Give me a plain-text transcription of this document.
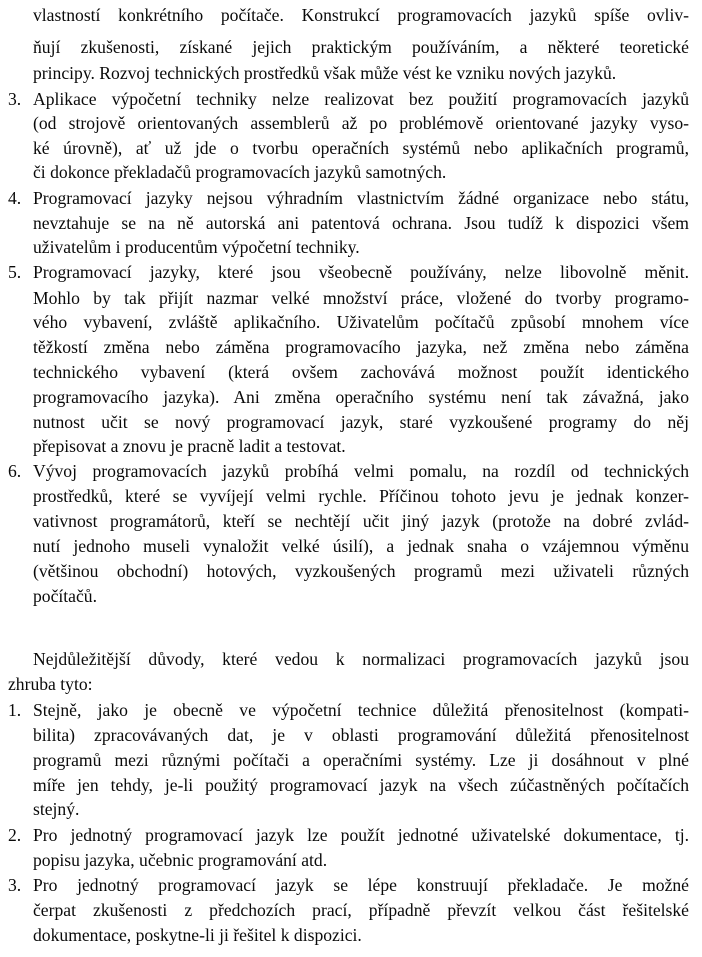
vlastností konkrétního počítače. Konstrukcí programovacích jazyků spíše ovliv-
ňují zkušenosti, získané jejich praktickým používáním, a některé teoretické
principy. Rozvoj technických prostředků však může vést ke vzniku nových jazyků.
3. Aplikace výpočetní techniky nelze realizovat bez použití programovacích jazyků
(od strojově orientovaných assemblerů až po problémově orientované jazyky vyso-
ké úrovně), ať už jde o tvorbu operačních systémů nebo aplikačních programů,
či dokonce překladačů programovacích jazyků samotných.
4. Programovací jazyky nejsou výhradním vlastnictvím žádné organizace nebo státu,
nevztahuje se na ně autorská ani patentová ochrana. Jsou tudíž k dispozici všem
uživatelům i producentům výpočetní techniky.
5. Programovací jazyky, které jsou všeobecně používány, nelze libovolně měnit.
Mohlo by tak přijít nazmar velké množství práce, vložené do tvorby programo-
vého vybavení, zvláště aplikačního. Uživatelům počítačů způsobí mnohem více
těžkostí změna nebo záměna programovacího jazyka, než změna nebo záměna
technického vybavení (která ovšem zachovává možnost použít identického
programovacího jazyka). Ani změna operačního systému není tak závažná, jako
nutnost učit se nový programovací jazyk, staré vyzkoušené programy do něj
přepisovat a znovu je pracně ladit a testovat.
6. Vývoj programovacích jazyků probíhá velmi pomalu, na rozdíl od technických
prostředků, které se vyvíjejí velmi rychle. Příčinou tohoto jevu je jednak konzer-
vativnost programátorů, kteří se nechtějí učit jiný jazyk (protože na dobré zvlád-
nutí jednoho museli vynaložit velké úsilí), a jednak snaha o vzájemnou výměnu
(většinou obchodní) hotových, vyzkoušených programů mezi uživateli různých
počítačů.
Nejdůležitější důvody, které vedou k normalizaci programovacích jazyků jsou
zhruba tyto:
1. Stejně, jako je obecně ve výpočetní technice důležitá přenositelnost (kompati-
bilita) zpracovávaných dat, je v oblasti programování důležitá přenositelnost
programů mezi různými počítači a operačními systémy. Lze ji dosáhnout v plné
míře jen tehdy, je-li použitý programovací jazyk na všech zúčastněných počítačích
stejný.
2. Pro jednotný programovací jazyk lze použít jednotné uživatelské dokumentace, tj.
popisu jazyka, učebnic programování atd.
3. Pro jednotný programovací jazyk se lépe konstruují překladače. Je možné
čerpat zkušenosti z předchozích prací, případně převzít velkou část řešitelské
dokumentace, poskytne-li ji řešitel k dispozici.
